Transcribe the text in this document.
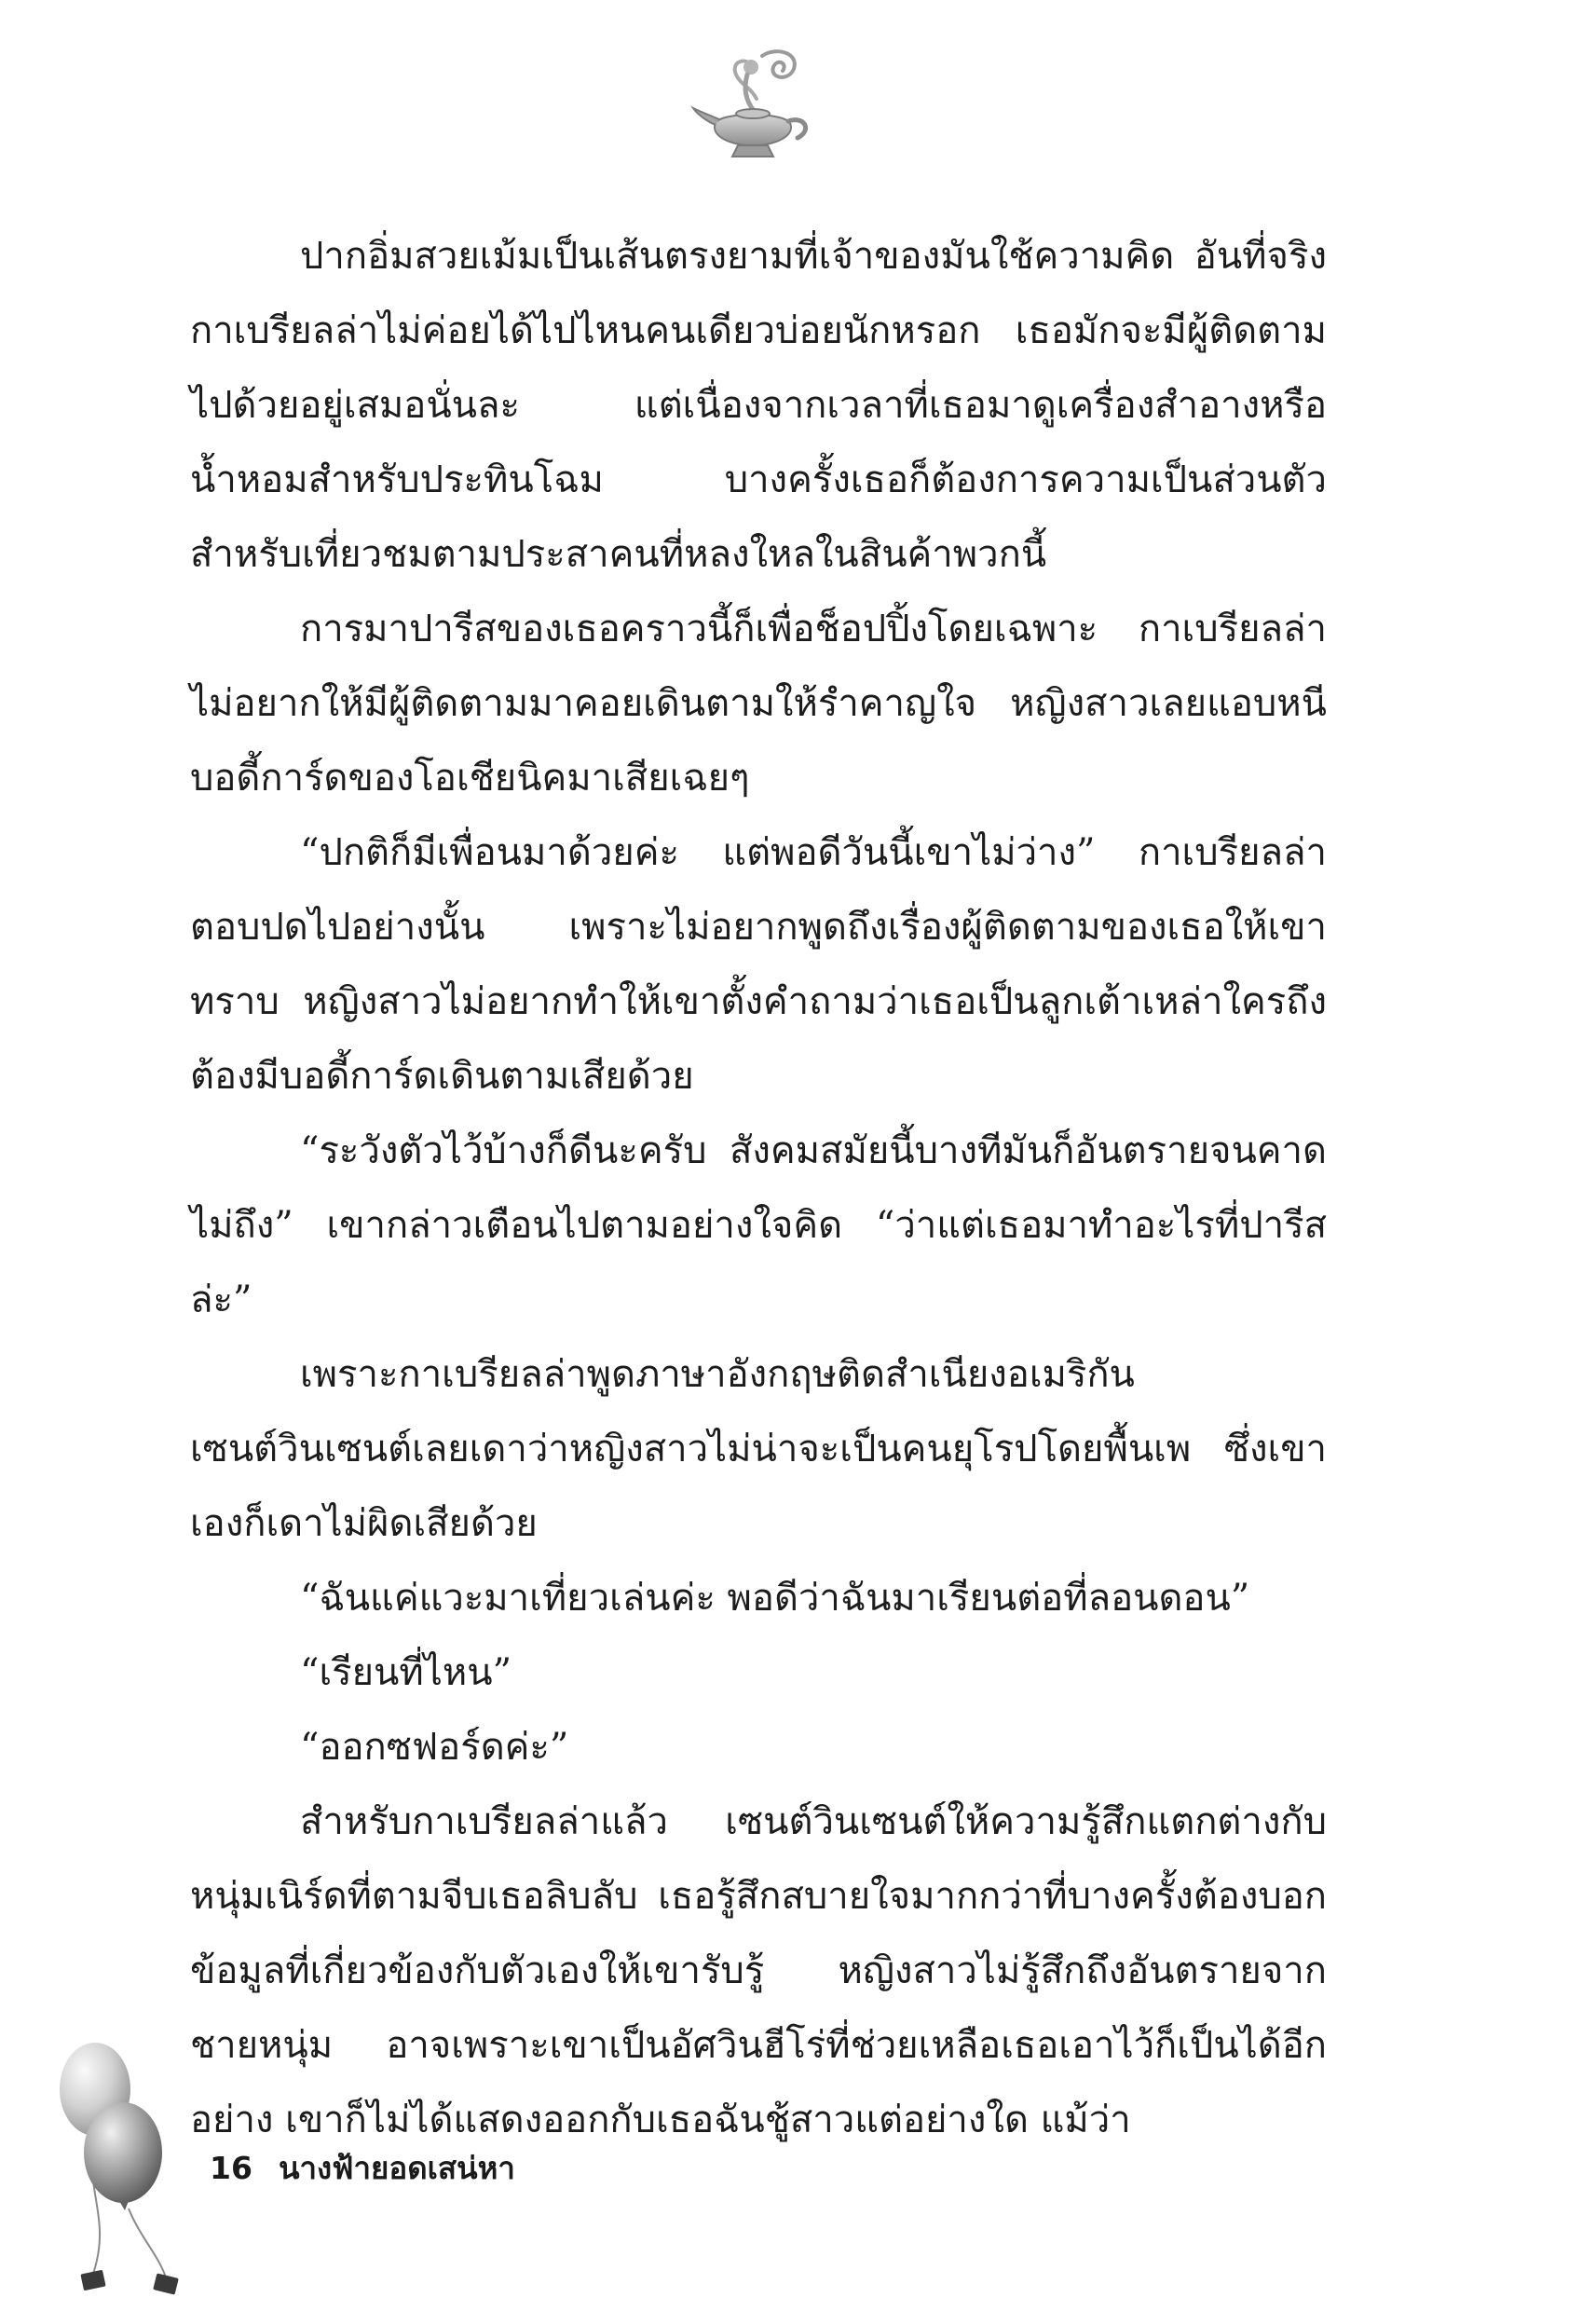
ปากอิ่มสวยเม้มเป็นเส้นตรงยามที่เจ้าของมันใช้ความคิด อันที่จริงกาเบรียลล่าไม่ค่อยได้ไปไหนคนเดียวบ่อยนักหรอก เธอมักจะมีผู้ติดตามไปด้วยอยู่เสมอนั่นละ แต่เนื่องจากเวลาที่เธอมาดูเครื่องสำอางหรือน้ำหอมสำหรับประทินโฉม บางครั้งเธอก็ต้องการความเป็นส่วนตัวสำหรับเที่ยวชมตามประสาคนที่หลงใหลในสินค้าพวกนี้

การมาปารีสของเธอคราวนี้ก็เพื่อช็อปปิ้งโดยเฉพาะ กาเบรียลล่าไม่อยากให้มีผู้ติดตามมาคอยเดินตามให้รำคาญใจ หญิงสาวเลยแอบหนีบอดี้การ์ดของโอเชียนิคมาเสียเฉยๆ

“ปกติก็มีเพื่อนมาด้วยค่ะ แต่พอดีวันนี้เขาไม่ว่าง” กาเบรียลล่าตอบปดไปอย่างนั้น เพราะไม่อยากพูดถึงเรื่องผู้ติดตามของเธอให้เขาทราบ หญิงสาวไม่อยากทำให้เขาตั้งคำถามว่าเธอเป็นลูกเต้าเหล่าใครถึงต้องมีบอดี้การ์ดเดินตามเสียด้วย

“ระวังตัวไว้บ้างก็ดีนะครับ สังคมสมัยนี้บางทีมันก็อันตรายจนคาดไม่ถึง” เขากล่าวเตือนไปตามอย่างใจคิด “ว่าแต่เธอมาทำอะไรที่ปารีสล่ะ”

เพราะกาเบรียลล่าพูดภาษาอังกฤษติดสำเนียงอเมริกันเซนต์วินเซนต์เลยเดาว่าหญิงสาวไม่น่าจะเป็นคนยุโรปโดยพื้นเพ ซึ่งเขาเองก็เดาไม่ผิดเสียด้วย

“ฉันแค่แวะมาเที่ยวเล่นค่ะ พอดีว่าฉันมาเรียนต่อที่ลอนดอน”

“เรียนที่ไหน”

“ออกซฟอร์ดค่ะ”

สำหรับกาเบรียลล่าแล้ว เซนต์วินเซนต์ให้ความรู้สึกแตกต่างกับหนุ่มเนิร์ดที่ตามจีบเธอลิบลับ เธอรู้สึกสบายใจมากกว่าที่บางครั้งต้องบอกข้อมูลที่เกี่ยวข้องกับตัวเองให้เขารับรู้ หญิงสาวไม่รู้สึกถึงอันตรายจากชายหนุ่ม อาจเพราะเขาเป็นอัศวินฮีโร่ที่ช่วยเหลือเธอเอาไว้ก็เป็นได้อีกอย่าง เขาก็ไม่ได้แสดงออกกับเธอฉันชู้สาวแต่อย่างใด แม้ว่า

16 นางฟ้ายอดเสน่หา
